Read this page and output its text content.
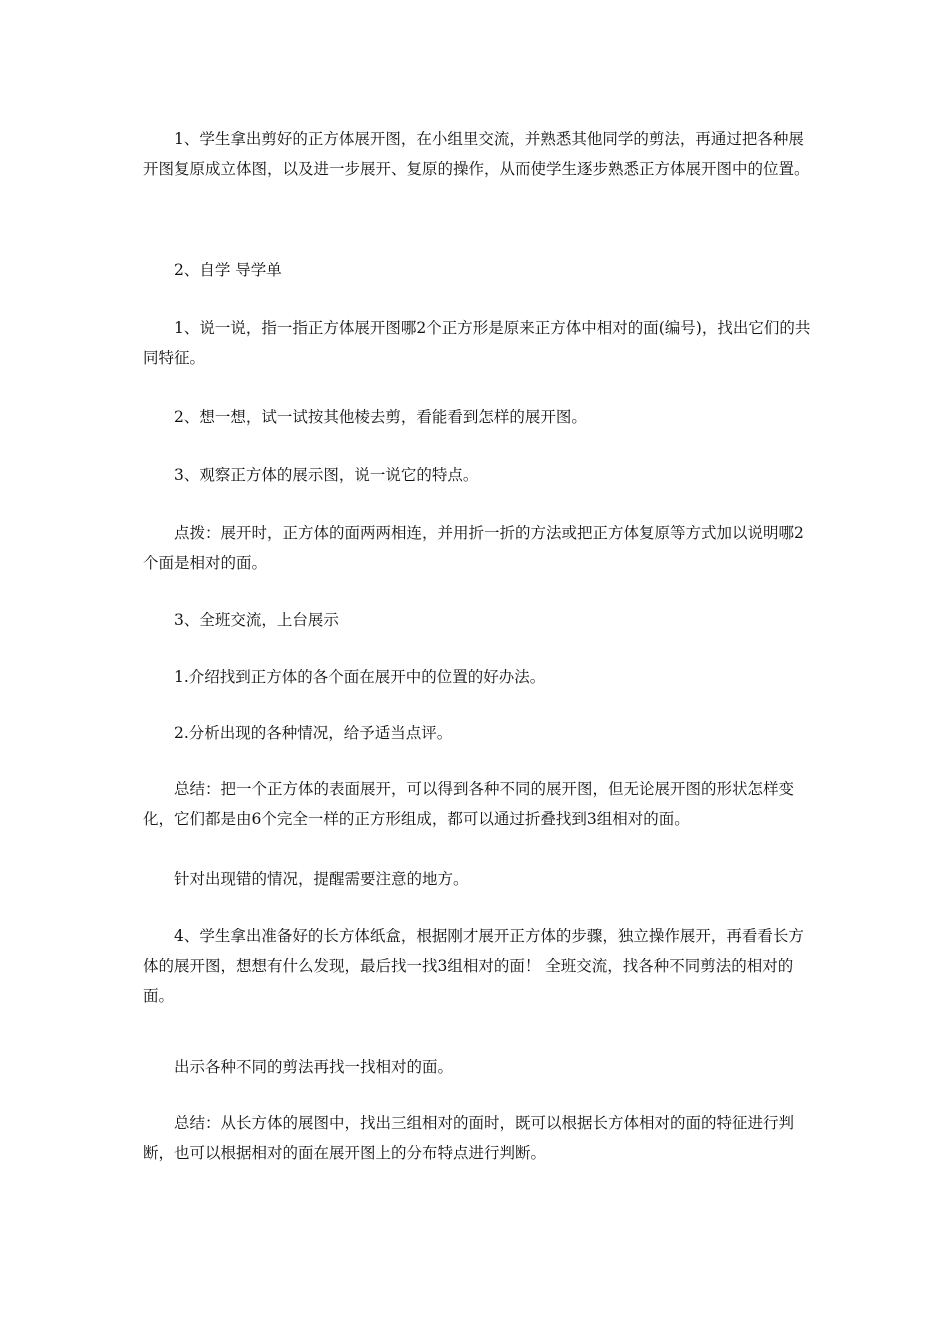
1、学生拿出剪好的正方体展开图，在小组里交流，并熟悉其他同学的剪法，再通过把各种展开图复原成立体图，以及进一步展开、复原的操作，从而使学生逐步熟悉正方体展开图中的位置。

2、自学 导学单

1、说一说，指一指正方体展开图哪2个正方形是原来正方体中相对的面(编号)，找出它们的共同特征。

2、想一想，试一试按其他棱去剪，看能看到怎样的展开图。

3、观察正方体的展示图，说一说它的特点。

点拨：展开时，正方体的面两两相连，并用折一折的方法或把正方体复原等方式加以说明哪2个面是相对的面。

3、全班交流，上台展示

1.介绍找到正方体的各个面在展开中的位置的好办法。

2.分析出现的各种情况，给予适当点评。

总结：把一个正方体的表面展开，可以得到各种不同的展开图，但无论展开图的形状怎样变化，它们都是由6个完全一样的正方形组成，都可以通过折叠找到3组相对的面。

针对出现错的情况，提醒需要注意的地方。

4、学生拿出准备好的长方体纸盒，根据刚才展开正方体的步骤，独立操作展开，再看看长方体的展开图，想想有什么发现，最后找一找3组相对的面！ 全班交流，找各种不同剪法的相对的面。

出示各种不同的剪法再找一找相对的面。

总结：从长方体的展图中，找出三组相对的面时，既可以根据长方体相对的面的特征进行判断，也可以根据相对的面在展开图上的分布特点进行判断。
